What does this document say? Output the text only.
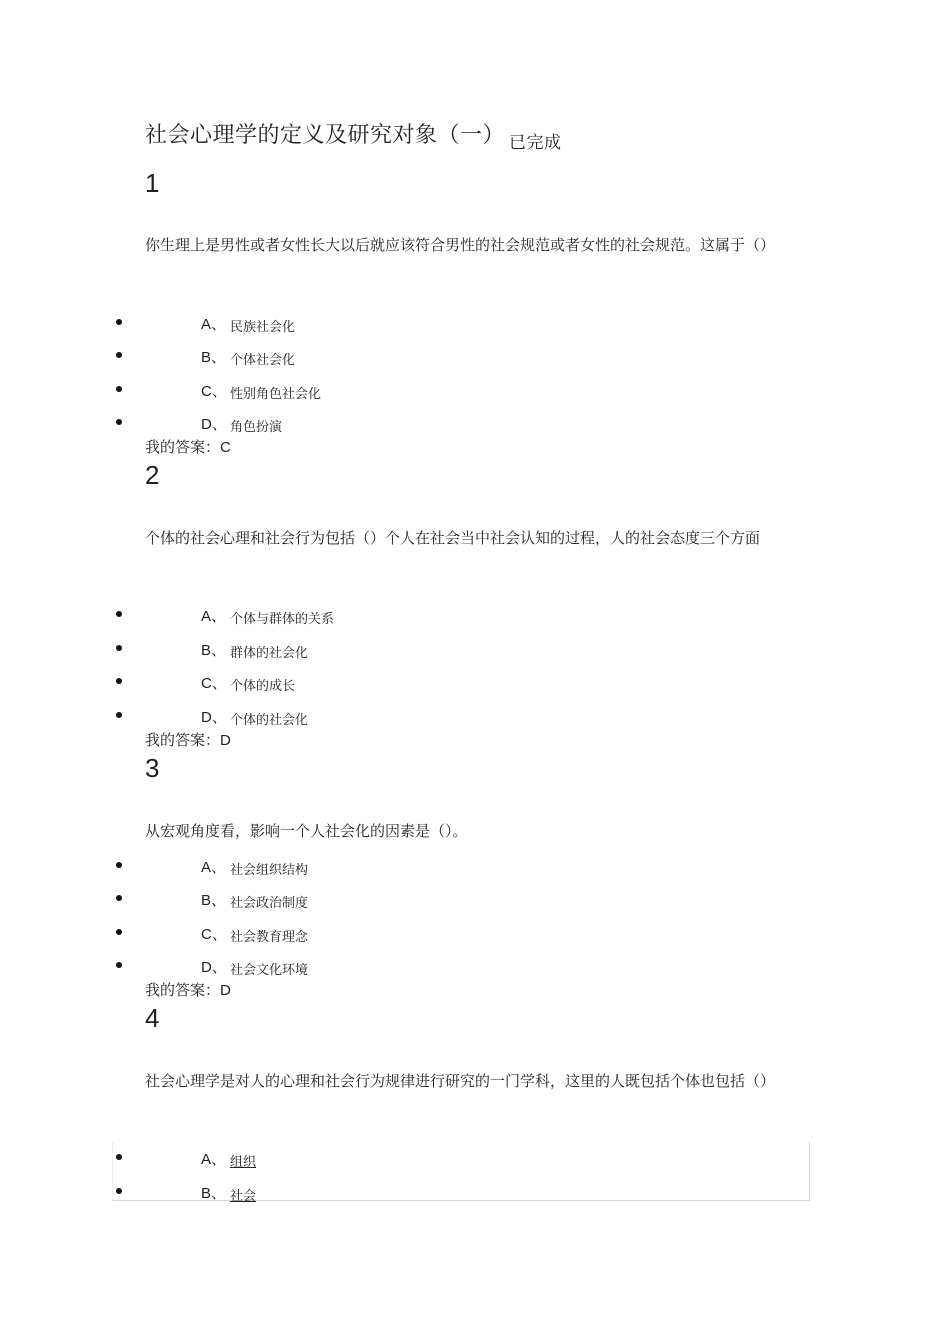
社会心理学的定义及研究对象（一） $_{已完成}$
1
你生理上是男性或者女性长大以后就应该符合男性的社会规范或者女性的社会规范。这属于（）
A、 民族社会化
B、 个体社会化
C、 性别角色社会化
D、 角色扮演
我的答案：C
2
个体的社会心理和社会行为包括（）个人在社会当中社会认知的过程，人的社会态度三个方面
A、 个体与群体的关系
B、 群体的社会化
C、 个体的成长
D、 个体的社会化
我的答案：D
3
从宏观角度看，影响一个人社会化的因素是（）。
A、 社会组织结构
B、 社会政治制度
C、 社会教育理念
D、 社会文化环境
我的答案：D
4
社会心理学是对人的心理和社会行为规律进行研究的一门学科，这里的人既包括个体也包括（）
A、 组织
B、 社会
